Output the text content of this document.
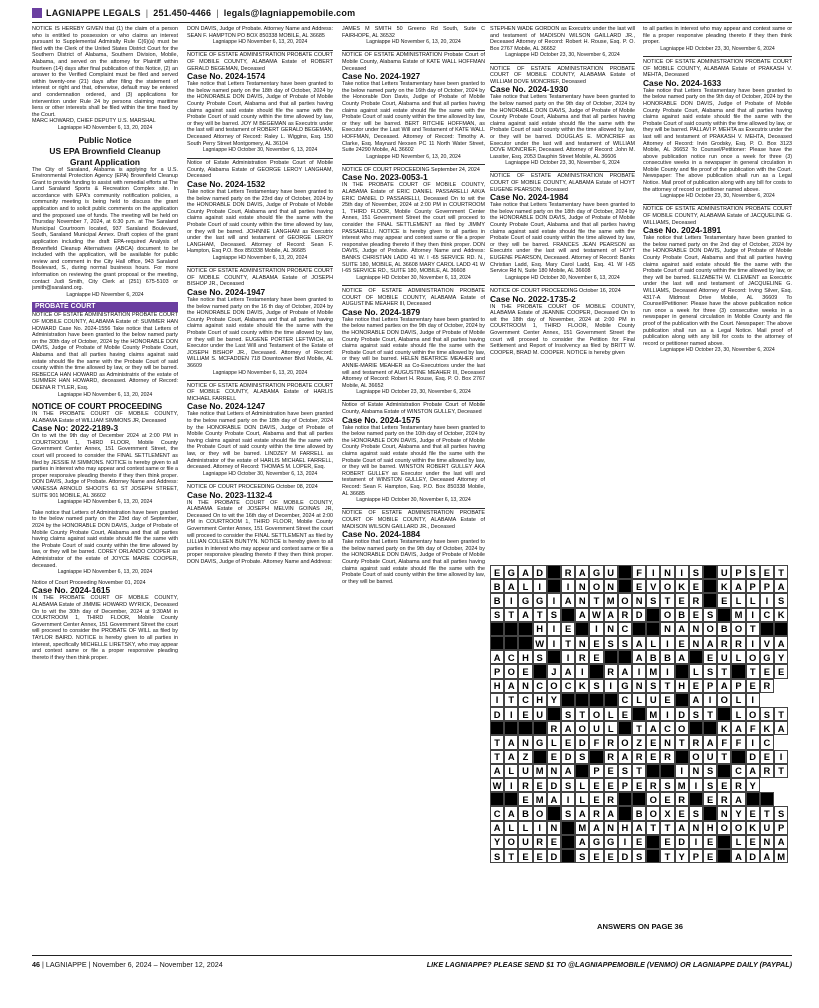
LAGNIAPPE LEGALS | 251.450-4466 | legals@lagniappemobile.com

NOTICE IS HEREBY GIVEN that (1) the claim of a person who is entitled to possession or who claims an interest pursuant to Supplemental Admiralty Rule C(6)(a) must be filed with the Clerk of the United States District Court for the Southern District of Alabama, Southern Division, Mobile, Alabama, and served on the attorney for Plaintiff within fourteen (14) days after final publication of this Notice, (2) an answer to the Verified Complaint must be filed and served within twenty-one (21) days after filing the statement of interest or right and that, otherwise, default may be entered and condemnation ordered, and (3) applications for intervention under Rule 24 by persons claiming maritime liens or other interests shall be filed within the time fixed by the Court.

MARC HOWARD, CHIEF DEPUTY U.S. MARSHAL

Lagniappe HD November 6, 13, 20, 2024

Public Notice

US EPA Brownfield Cleanup

Grant Application

The City of Saraland, Alabama is applying for a U.S. Environmental Protection Agency (EPA) Brownfield Cleanup Grant to provide funding to assist with remedial efforts at The Land Saraland Sports & Recreation Complex site. In accordance with EPA's community notification policies, a community meeting is being held to discuss the grant application and to solicit public comments on the application and the proposed use of funds. The meeting will be held on Thursday November 7, 2024, at 6:30 p.m. at The Saraland Municipal Courtroom located, 937 Saraland Boulevard, South, Saraland Municipal Annex. Draft copies of the grant application including the draft EPA-required Analysis of Brownfield Cleanup Alternatives (ABCA) document to be included with the application, will be available for public review and comment in the City Hall office, 943 Saraland Boulevard, S., during normal business hours. For more information on reviewing the grant proposal or the meeting, contact Judi Smith, City Clerk at (251) 675-5103 or jsmith@saraland.org.

Lagniappe HD November 6, 2024

PROBATE COURT

NOTICE OF ESTATE ADMINISTRATION PROBATE COURT OF MOBILE COUNTY, ALABAMA Estate of: SUMMER HAN HOWARD Case No. 2024-1556 Take notice that Letters of Administration have been granted to the below named party on the 30th day of October, 2024 by the HONORABLE DON DAVIS, Judge of Probate of Mobile County Probate Court, Alabama and that all parties having claims against said estate should file the same with the Probate Court of said county within the time allowed by law, or they will be barred. REBECCA HAN HOWARD as Administratrix of the estate of SUMMER HAN HOWARD, deceased. Attorney of Record: DEENA R TYLER, Esq.

Lagniappe HD November 6, 13, 20, 2024

NOTICE OF COURT PROCEEDING

IN THE PROBATE COURT OF MOBILE COUNTY, ALABAMA Estate of WILLIAM SIMMONS JR, Deceased

Case No: 2022-2189-3

On to wit the 9th day of December 2024 at 2:00 PM in COURTROOM 1, THIRD FLOOR, Mobile County Government Center Annex, 151 Government Street, the court will proceed to consider the FINAL SETTLEMENT as filed by JESSIE M SIMMONS. NOTICE is hereby given to all parties in interest who may appear and contest same or file a proper responsive pleading thereto if they then think proper. DON DAVIS, Judge of Probate. Attorney Name and Address: VANESSA ARNOLD SHOOTS 61 ST JOSEPH STREET, SUITE 901 MOBILE, AL 36602

Lagniappe HD November 6, 13, 20, 2024

Take notice that Letters of Administration have been granted to the below named party on the 23rd day of September, 2024 by the HONORABLE DON DAVIS, Judge of Probate of Mobile County Probate Court, Alabama and that all parties having claims against said estate should file the same with the Probate Court of said county within the time allowed by law, or they will be barred. COREY ORLANDO COOPER as Administrator of the estate of JOYCE MARIE COOPER, deceased.

Lagniappe HD November 6, 13, 20, 2024

Notice of Court Proceeding November 01, 2024

Case No. 2024-1615

IN THE PROBATE COURT OF MOBILE COUNTY, ALABAMA Estate of JIMMIE HOWARD WYRICK, Deceased On to wit the 30th day of December, 2024 at 9:30AM in COURTROOM 1, THIRD FLOOR, Mobile County Government Center Annex, 151 Government Street the court will proceed to consider the PROBATE OF WILL as filed by TAYLOR BAIRD. NOTICE is hereby given to all parties in interest, specifically MICHELLE LIRETSKY, who may appear and contest same or file a proper responsive pleading thereto if they then think proper.

DON DAVIS, Judge of Probate. Attorney Name and Address: SEAN F. HAMPTON PO BOX 850338 MOBILE, AL 36685

Lagniappe HD November 6, 13, 20, 2024

NOTICE OF ESTATE ADMINISTRATION PROBATE COURT OF MOBILE COUNTY, ALABAMA Estate of ROBERT GERALD BEGEMAN, Deceased

Case No. 2024-1574

Take notice that Letters Testamentary have been granted to the below named party on the 18th day of October, 2024 by the HONORABLE DON DAVIS, Judge of Probate of Mobile County Probate Court, Alabama and that all parties having claims against said estate should file the same with the Probate Court of said county within the time allowed by law, or they will be barred. JOY M BEGEMAN as Executrix under the last will and testament of ROBERT GERALD BEGEMAN, Deceased Attorney of Record: Raley L. Wiggins, Esq. 150 South Perry Street Montgomery, AL 36104

Lagniappe HD October 30, November 6, 13, 2024

Notice of Estate Administration Probate Court of Mobile County, Alabama Estate of GEORGE LEROY LANGHAM, Deceased

Case No. 2024-1532

Take notice that Letters Testamentary have been granted to the below named party on the 23rd day of October, 2024 by the HONORABLE DON DAVIS, Judge of Probate of Mobile County Probate Court, Alabama and that all parties having claims against said estate should file the same with the Probate Court of said county within the time allowed by law, or they will be barred. JOHNNIE LANGHAM as Executrix under the last will and testament of GEORGE LEROY LANGHAM, Deceased. Attorney of Record: Sean F. Hampton, Esq P.O. Box 850338 Mobile, AL 36685

Lagniappe HD November 6, 13, 20, 2024

NOTICE OF ESTATE ADMINISTRATION PROBATE COURT OF MOBILE COUNTY, ALABAMA Estate of JOSEPH BISHOP JR., Deceased

Case No. 2024-1947

Take notice that Letters Testamentary have been granted to the below named party on the 16 th day of October, 2024 by the HONORABLE DON DAVIS, Judge of Probate of Mobile County Probate Court, Alabama and that all parties having claims against said estate should file the same with the Probate Court of said county within the time allowed by law, or they will be barred. EUGENE PORTER LEFTWICH, as Executor under the Last Will and Testament of the Estate of JOSEPH BISHOP JR., Deceased. Attorney of Record: WILLIAM S. MCFADDEN 718 Downtowner Blvd Mobile, AL 36609

Lagniappe HD November 6, 13, 20, 2024

NOTICE OF ESTATE ADMINISTRATION PROBATE COURT OF MOBILE COUNTY, ALABAMA Estate of HARLIS MICHAEL FARRELL

Case No. 2024-1247

Take notice that Letters of Administration have been granted to the below named party on the 18th day of October, 2024 by the HONORABLE DON DAVIS, Judge of Probate of Mobile County Probate Court, Alabama and that all parties having claims against said estate should file the same with the Probate Court of said county within the time allowed by law, or they will be barred. LINDZEY M FARRELL as Administrator of the estate of HARLIS MICHAEL FARRELL, deceased. Attorney of Record: THOMAS M. LOPER, Esq.

Lagniappe HD October 30, November 6, 13, 2024

NOTICE OF COURT PROCEEDING October 08, 2024

Case No. 2023-1132-4

IN THE PROBATE COURT OF MOBILE COUNTY, ALABAMA Estate of JOSEPH MELVIN GOINAS JR, Deceased On to wit the 16th day of December, 2024 at 2:00 PM in COURTROOM 1, THIRD FLOOR, Mobile County Government Center Annex, 151 Government Street the court will proceed to consider the FINAL SETTLEMENT as filed by LILLIAN COLLEEN BUNTYN. NOTICE is hereby given to all parties in interest who may appear and contest same or file a proper responsive pleading thereto if they then think proper. DON DAVIS, Judge of Probate. Attorney Name and Address:

JAMES M SMITH 50 Greeno Rd South, Suite C FAIRHOPE, AL 36532

Lagniappe HD November 6, 13, 20, 2024

NOTICE OF ESTATE ADMINISTRATION Probate Court of Mobile County, Alabama Estate of KATE WALL HOFFMAN Deceased

Case No. 2024-1927

Take notice that Letters Testamentary have been granted to the below named party on the 16th day of October, 2024 by the Honorable Don Davis, Judge of Probate of Mobile County Probate Court, Alabama and that all parties having claims against said estate should file the same with the Probate Court of said county within the time allowed by law, or they will be barred. BERT RITCHIE HOFFMAN, as Executor under the Last Will and Testament of KATE WALL HOFFMAN, Deceased. Attorney of Record: Timothy A. Clarke, Esq. Maynard Nexsen PC 11 North Water Street, Suite 24290 Mobile, AL 36602

Lagniappe HD November 6, 13, 20, 2024

NOTICE OF COURT PROCEEDING September 24, 2024

Case No. 2023-0053-1

IN THE PROBATE COURT OF MOBILE COUNTY, ALABAMA Estate of ERIC DANIEL PASSARELLI A/K/A ERIC DANIEL D PASSARELLI, Deceased On to wit the 25th day of November, 2024 at 2:00 PM in COURTROOM 1, THIRD FLOOR, Mobile County Government Center Annex, 151 Government Street the court will proceed to consider the FINAL SETTLEMENT as filed by JIMMY PASSARELLI. NOTICE is hereby given to all parties in interest who may appear and contest same or file a proper responsive pleading thereto if they then think proper. DON DAVIS, Judge of Probate. Attorney Name and Address: BANKS CHRISTIAN LADD 41 W. I -65 SERVICE RD. N., SUITE 180, MOBILE, AL 36608 MARY CAROL LADD 41 W I-65 SERVICE RD., SUITE 180, MOBILE, AL 36608

Lagniappe HD October 30, November 6, 13, 2024

NOTICE OF ESTATE ADMINISTRATION PROBATE COURT OF MOBILE COUNTY, ALABAMA Estate of AUGUSTINE MEAHER III, Deceased

Case No. 2024-1879

Take notice that Letters Testamentary have been granted to the below named parties on the 9th day of October, 2024 by the HONORABLE DON DAVIS, Judge of Probate of Mobile County Probate Court, Alabama and that all parties having claims against said estate should file the same with the Probate Court of said county within the time allowed by law, or they will be barred. HELEN BEATRICE MEAHER and ANNIE-MARIE MEAHER as Co-Executrices under the last will and testament of AUGUSTINE MEAHER III, Deceased Attorney of Record: Robert H. Rouse, Esq. P. O. Box 2767 Mobile, AL 36652

Lagniappe HD October 23, 30, November 6, 2024

Notice of Estate Administration Probate Court of Mobile County, Alabama Estate of WINSTON GULLEY, Deceased

Case No. 2024-1575

Take notice that Letters Testamentary have been granted to the below named party on the 10th day of October, 2024 by the HONORABLE DON DAVIS, Judge of Probate of Mobile County Probate Court, Alabama and that all parties having claims against said estate should file the same with the Probate Court of said county within the time allowed by law, or they will be barred. WINSTON ROBERT GULLEY AKA ROBERT GULLEY as Executor under the last will and testament of WINSTON GULLEY, Deceased Attorney of Record: Sean F. Hampton, Esq. P.O. Box 850338 Mobile, AL 36685

Lagniappe HD October 30, November 6, 13, 2024

NOTICE OF ESTATE ADMINISTRATION PROBATE COURT OF MOBILE COUNTY, ALABAMA Estate of MADISON WILSON GAILLARD JR., Deceased

Case No. 2024-1884

Take notice that Letters Testamentary have been granted to the below named party on the 9th day of October, 2024 by the HONORABLE DON DAVIS, Judge of Probate of Mobile County Probate Court, Alabama and that all parties having claims against said estate should file the same with the Probate Court of said county within the time allowed by law, or they will be barred.

STEPHEN WADE GORDON as Executrix under the last will and testament of MADISON WILSON GAILLARD JR., Deceased Attorney of Record: Robert H. Rouse, Esq. P. O. Box 2767 Mobile, AL 36652

Lagniappe HD October 23, 30, November 6, 2024

NOTICE OF ESTATE ADMINISTRATION PROBATE COURT OF MOBILE COUNTY, ALABAMA Estate of WILLIAM DOVE MONCRIEF, Deceased

Case No. 2024-1930

Take notice that Letters Testamentary have been granted to the below named party on the 9th day of October, 2024 by the HONORABLE DON DAVIS, Judge of Probate of Mobile County Probate Court, Alabama and that all parties having claims against said estate should file the same with the Probate Court of said county within the time allowed by law, or they will be barred. DOUGLAS E. MONCRIEF as Executor under the last will and testament of WILLIAM DOVE MONCRIEF, Deceased. Attorney of Record: John M. Lassiter, Esq. 2053 Dauphin Street Mobile, AL 36606

Lagniappe HD October 23, 30, November 6, 2024

NOTICE OF ESTATE ADMINISTRATION PROBATE COURT OF MOBILE COUNTY, ALABAMA Estate of HOYT EUGENE PEARSON, Deceased

Case No. 2024-1984

Take notice that Letters Testamentary have been granted to the below named party on the 18th day of October, 2024 by the HONORABLE DON DAVIS, Judge of Probate of Mobile County Probate Court, Alabama and that all parties having claims against said estate should file the same with the Probate Court of said county within the time allowed by law, or they will be barred. FRANCES JEAN PEARSON as Executrix under the last will and testament of HOYT EUGENE PEARSON, Deceased. Attorney of Record: Banks Christian Ladd, Esq. Mary Carol Ladd, Esq. 41 W I-65 Service Rd N, Suite 180 Mobile, AL 36608

Lagniappe HD October 30, November 6, 13, 2024

NOTICE OF COURT PROCEEDING October 16, 2024

Case No. 2022-1735-2

IN THE PROBATE COURT OF MOBILE COUNTY, ALABAMA Estate of JEANNIE COOPER, Deceased On to wit the 18th day of November, 2024 at 2:00 PM in COURTROOM 1, THIRD FLOOR, Mobile County Government Center Annex, 151 Government Street the court will proceed to consider the Petition for Final Settlement and Report of Insolvency as filed by BRITT W. COOPER, BRAD M. COOPER. NOTICE is hereby given

to all parties in interest who may appear and contest same or file a proper responsive pleading thereto if they then think proper.

Lagniappe HD October 23, 30, November 6, 2024

NOTICE OF ESTATE ADMINISTRATION PROBATE COURT OF MOBILE COUNTY, ALABAMA Estate of PRAKASH V. MEHTA, Deceased

Case No. 2024-1633

Take notice that Letters Testamentary have been granted to the below named party on the 9th day of October, 2024 by the HONORABLE DON DAVIS, Judge of Probate of Mobile County Probate Court, Alabama and that all parties having claims against said estate should file the same with the Probate Court of said county within the time allowed by law, or they will be barred. PALLAVI P. MEHTA as Executrix under the last will and testament of PRAKASH V. MEHTA, Deceased Attorney of Record: Irvin Grodsky, Esq. P. O. Box 3123 Mobile, AL 36652 To Counsel/Petitioner: Please have the above publication notice run once a week for three (3) consecutive weeks in a newspaper in general circulation in Mobile County and file proof of the publication with the Court. Newspaper: The above publication shall run as a Legal Notice. Mail proof of publication along with any bill for costs to the attorney of record or petitioner named above.

Lagniappe HD October 23, 30, November 6, 2024

NOTICE OF ESTATE ADMINISTRATION PROBATE COURT OF MOBILE COUNTY, ALABAMA Estate of JACQUELINE G. WILLIAMS, Deceased

Case No. 2024-1891

Take notice that Letters Testamentary have been granted to the below named party on the 2nd day of October, 2024 by the HONORABLE DON DAVIS, Judge of Probate of Mobile County Probate Court, Alabama and that all parties having claims against said estate should file the same with the Probate Court of said county within the time allowed by law, or they will be barred. ELIZABETH W. CLEMENT as Executrix under the last will and testament of JACQUELINE G. WILLIAMS, Deceased Attorney of Record: Irving Silver, Esq. 4317-A Midmost Drive Mobile, AL 36609 To Counsel/Petitioner: Please have the above publication notice run once a week for three (3) consecutive weeks in a newspaper in general circulation in Mobile County and file proof of the publication with the Court. Newspaper: The above publication shall run as a Legal Notice. Mail proof of publication along with any bill for costs to the attorney of record or petitioner named above.

Lagniappe HD October 23, 30, November 6, 2024

E G A D	R A G U	F	I	N	I	S	U P S E T
B A L	I	I	N O N	E V O K E	K A P P A
B	I G G I	A N T M O N S T E R	E L L	I	S
S T A T S	A W A R D	O B E S	M I	C K
H	I	E	I	N C	N A N O B O T
W I	T N E S S A L	I	E N A R R	I	V A
A C H S	I	R E	A B B A	E U L O G Y
P O E	J A	I	R A	I M I	L S T	T E E
H A N C O C K S	I G N S T H E P A P E R
I	T C H Y	C L U E	A	I O L	I
D	I	E U	S T O L E	M I	D S T	L O S T
R A O U L	T A C O	K A F K A
T A N G L E D F R O Z E N T R A F F	I	C
T A Z	E D S	R A R E R	O U T	D E	I
A L U M N A	P E S T	I	N S	C A R T
W I	R E D S L E E P E R S M I	S E R Y
E M A	I	L E R	O E R	E R A
C A B O	S A R A	B O X E S	N Y E T S
A L L	I	N	M A N H A T T A N H O O K U P
Y O U R E	A G G I	E	E D	I	E	L E N A
S T E E D	S E E D S	T Y P E	A D A M
ANSWERS ON PAGE 36
46 | LAGNIAPPE | November 6, 2024 – November 12, 2024	LIKE LAGNIAPPE? PLEASE SEND $1 TO @LAGNIAPPEMOBILE (VENMO) OR LAGNIAPPE DAILY (PAYPAL)
